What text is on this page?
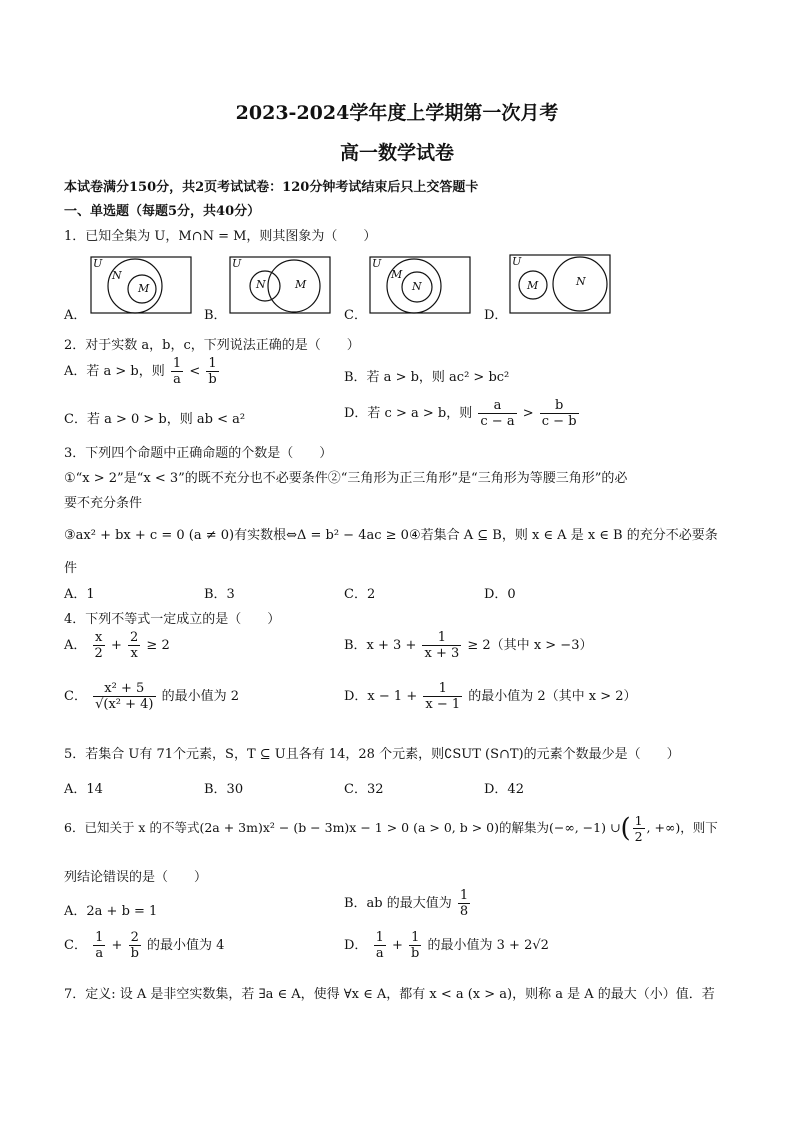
2023-2024学年度上学期第一次月考
高一数学试卷
本试卷满分150分，共2页考试试卷：120分钟考试结束后只上交答题卡
一、单选题（每题5分，共40分）
1．已知全集为 U，M∩N = M，则其图象为（　　）
A．
U
N
M
B．
U
N	M
C．
U
M
N
D．
U
M	N
2．对于实数 a，b，c，下列说法正确的是（　　）
A．若 a > b，则 $\frac{1}{a} < \frac{1}{b}$	B．若 a > b，则 ac² > bc²
C．若 a > 0 > b，则 ab < a²	D．若 c > a > b，则 $\frac{a}{c - a} > \frac{b}{c - b}$
3．下列四个命题中正确命题的个数是（　　）
①“x > 2”是“x < 3”的既不充分也不必要条件②“三角形为正三角形”是“三角形为等腰三角形”的必
要不充分条件
③ax² + bx + c = 0 (a ≠ 0)有实数根⇔Δ = b² − 4ac ≥ 0④若集合 A ⊆ B，则 x ∈ A 是 x ∈ B 的充分不必要条
件
A．1	B．3	C．2	D．0
4．下列不等式一定成立的是（　　）
A． $\frac{x}{2} + \frac{2}{x} \ge 2$	B．$x + 3 + \frac{1}{x + 3} \ge 2$（其中 x > −3）
C． $\frac{\text{x² + 5}}{\text{√(x² + 4)}}$ 的最小值为 2	D．$x - 1 + \frac{1}{x - 1}$ 的最小值为 2（其中 x > 2）
5．若集合 U有 71个元素，S，T ⊆ U且各有 14，28 个元素，则∁SUT (S∩T)的元素个数最少是（　　）
A．14	B．30	C．32	D．42
6．已知关于 x 的不等式(2a + 3m)x² − (b − 3m)x − 1 > 0 (a > 0, b > 0)的解集为(−∞, −1) ∪( $\frac{1}{2}$ , +∞)，则下
列结论错误的是（　　）
A．2a + b = 1
B．ab 的最大值为 $\frac{1}{8}$
C． $\frac{1}{a} + \frac{2}{b}$ 的最小值为 4	D． $\frac{1}{a} + \frac{1}{b}$ 的最小值为 3 + 2√2
7．定义: 设 A 是非空实数集，若 ∃a ∈ A，使得 ∀x ∈ A，都有 x < a (x > a)，则称 a 是 A 的最大（小）值．若
